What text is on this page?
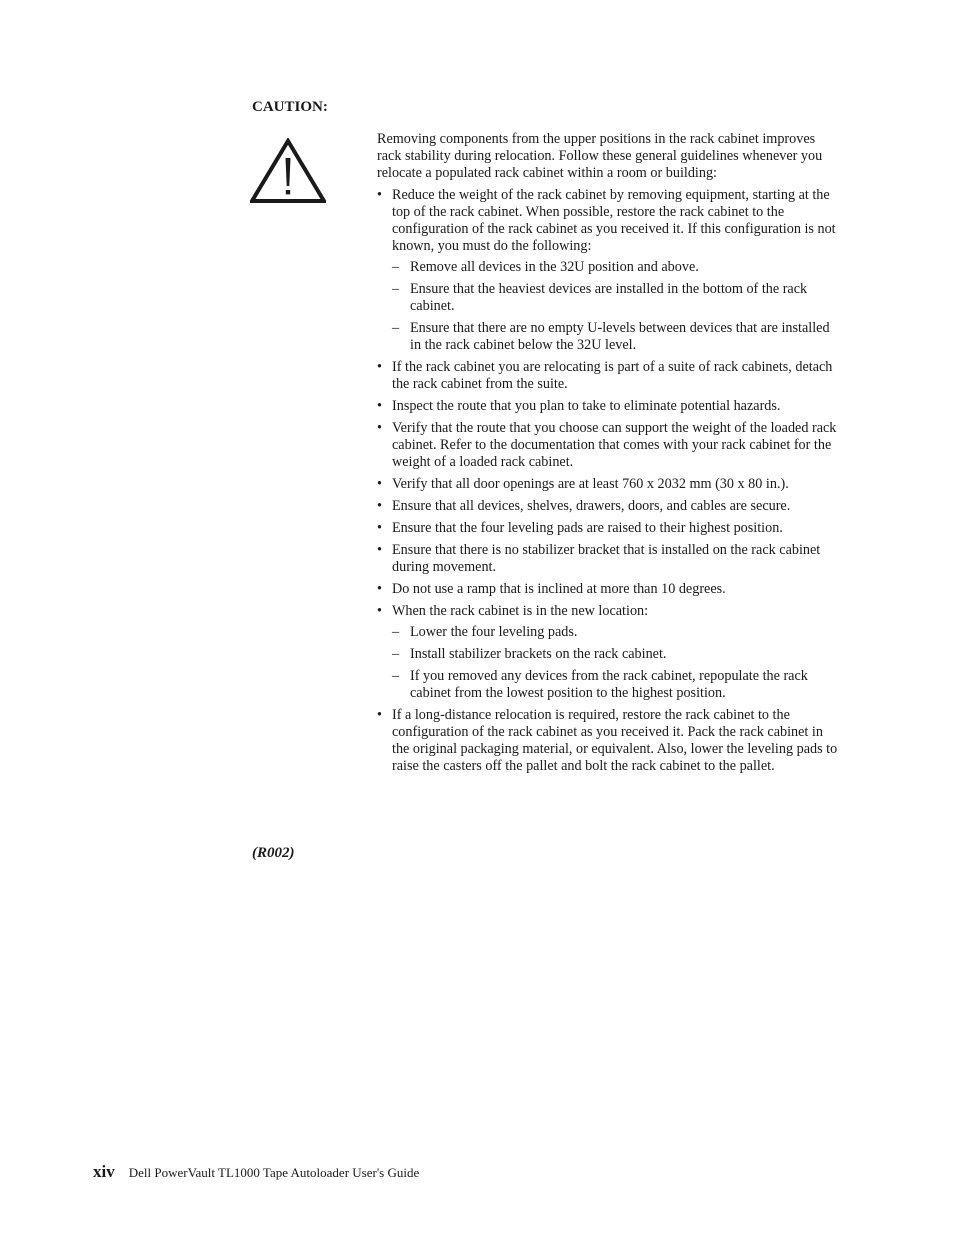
CAUTION:

Removing components from the upper positions in the rack cabinet improves rack stability during relocation. Follow these general guidelines whenever you relocate a populated rack cabinet within a room or building:

• Reduce the weight of the rack cabinet by removing equipment, starting at the top of the rack cabinet. When possible, restore the rack cabinet to the configuration of the rack cabinet as you received it. If this configuration is not known, you must do the following:
– Remove all devices in the 32U position and above.
– Ensure that the heaviest devices are installed in the bottom of the rack cabinet.
– Ensure that there are no empty U-levels between devices that are installed in the rack cabinet below the 32U level.
• If the rack cabinet you are relocating is part of a suite of rack cabinets, detach the rack cabinet from the suite.
• Inspect the route that you plan to take to eliminate potential hazards.
• Verify that the route that you choose can support the weight of the loaded rack cabinet. Refer to the documentation that comes with your rack cabinet for the weight of a loaded rack cabinet.
• Verify that all door openings are at least 760 x 2032 mm (30 x 80 in.).
• Ensure that all devices, shelves, drawers, doors, and cables are secure.
• Ensure that the four leveling pads are raised to their highest position.
• Ensure that there is no stabilizer bracket that is installed on the rack cabinet during movement.
• Do not use a ramp that is inclined at more than 10 degrees.
• When the rack cabinet is in the new location:
– Lower the four leveling pads.
– Install stabilizer brackets on the rack cabinet.
– If you removed any devices from the rack cabinet, repopulate the rack cabinet from the lowest position to the highest position.
• If a long-distance relocation is required, restore the rack cabinet to the configuration of the rack cabinet as you received it. Pack the rack cabinet in the original packaging material, or equivalent. Also, lower the leveling pads to raise the casters off the pallet and bolt the rack cabinet to the pallet.

(R002)

xiv Dell PowerVault TL1000 Tape Autoloader User's Guide
